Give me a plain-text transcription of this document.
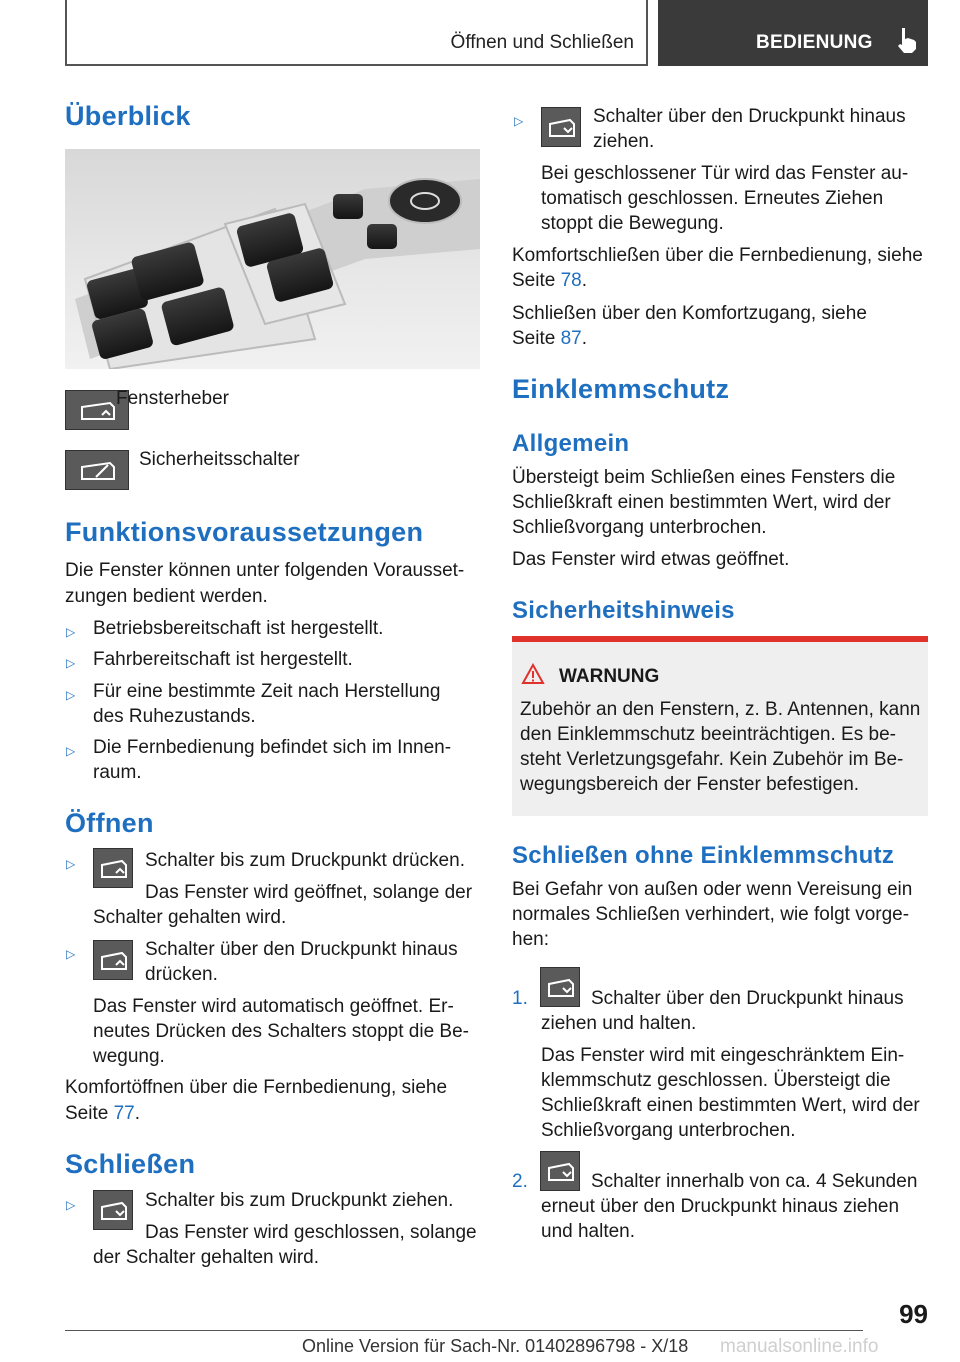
Öffnen und Schließen	BEDIENUNG
Überblick
Fensterheber
Sicherheitsschalter
Funktionsvoraussetzungen
Die Fenster können unter folgenden Vorausset-
zungen bedient werden.
▷ Betriebsbereitschaft ist hergestellt.
▷ Fahrbereitschaft ist hergestellt.
▷ Für eine bestimmte Zeit nach Herstellung
des Ruhezustands.
▷ Die Fernbedienung befindet sich im Innen-
raum.
Öffnen
▷	Schalter bis zum Druckpunkt drücken.
Das Fenster wird geöffnet, solange der
Schalter gehalten wird.
▷	Schalter über den Druckpunkt hinaus
drücken.
Das Fenster wird automatisch geöffnet. Er-
neutes Drücken des Schalters stoppt die Be-
wegung.
Komfortöffnen über die Fernbedienung, siehe
Seite 77.
Schließen
▷	Schalter bis zum Druckpunkt ziehen.
Das Fenster wird geschlossen, solange
der Schalter gehalten wird.
▷	Schalter über den Druckpunkt hinaus
ziehen.
Bei geschlossener Tür wird das Fenster au-
tomatisch geschlossen. Erneutes Ziehen
stoppt die Bewegung.
Komfortschließen über die Fernbedienung, siehe
Seite 78.
Schließen über den Komfortzugang, siehe
Seite 87.
Einklemmschutz
Allgemein
Übersteigt beim Schließen eines Fensters die
Schließkraft einen bestimmten Wert, wird der
Schließvorgang unterbrochen.
Das Fenster wird etwas geöffnet.
Sicherheitshinweis
WARNUNG
Zubehör an den Fenstern, z. B. Antennen, kann
den Einklemmschutz beeinträchtigen. Es be-
steht Verletzungsgefahr. Kein Zubehör im Be-
wegungsbereich der Fenster befestigen.
Schließen ohne Einklemmschutz
Bei Gefahr von außen oder wenn Vereisung ein
normales Schließen verhindert, wie folgt vorge-
hen:
1.	Schalter über den Druckpunkt hinaus
ziehen und halten.
Das Fenster wird mit eingeschränktem Ein-
klemmschutz geschlossen. Übersteigt die
Schließkraft einen bestimmten Wert, wird der
Schließvorgang unterbrochen.
2.	Schalter innerhalb von ca. 4 Sekunden
erneut über den Druckpunkt hinaus ziehen
und halten.
99
Online Version für Sach-Nr. 01402896798 - X/18 manualsonline.info
